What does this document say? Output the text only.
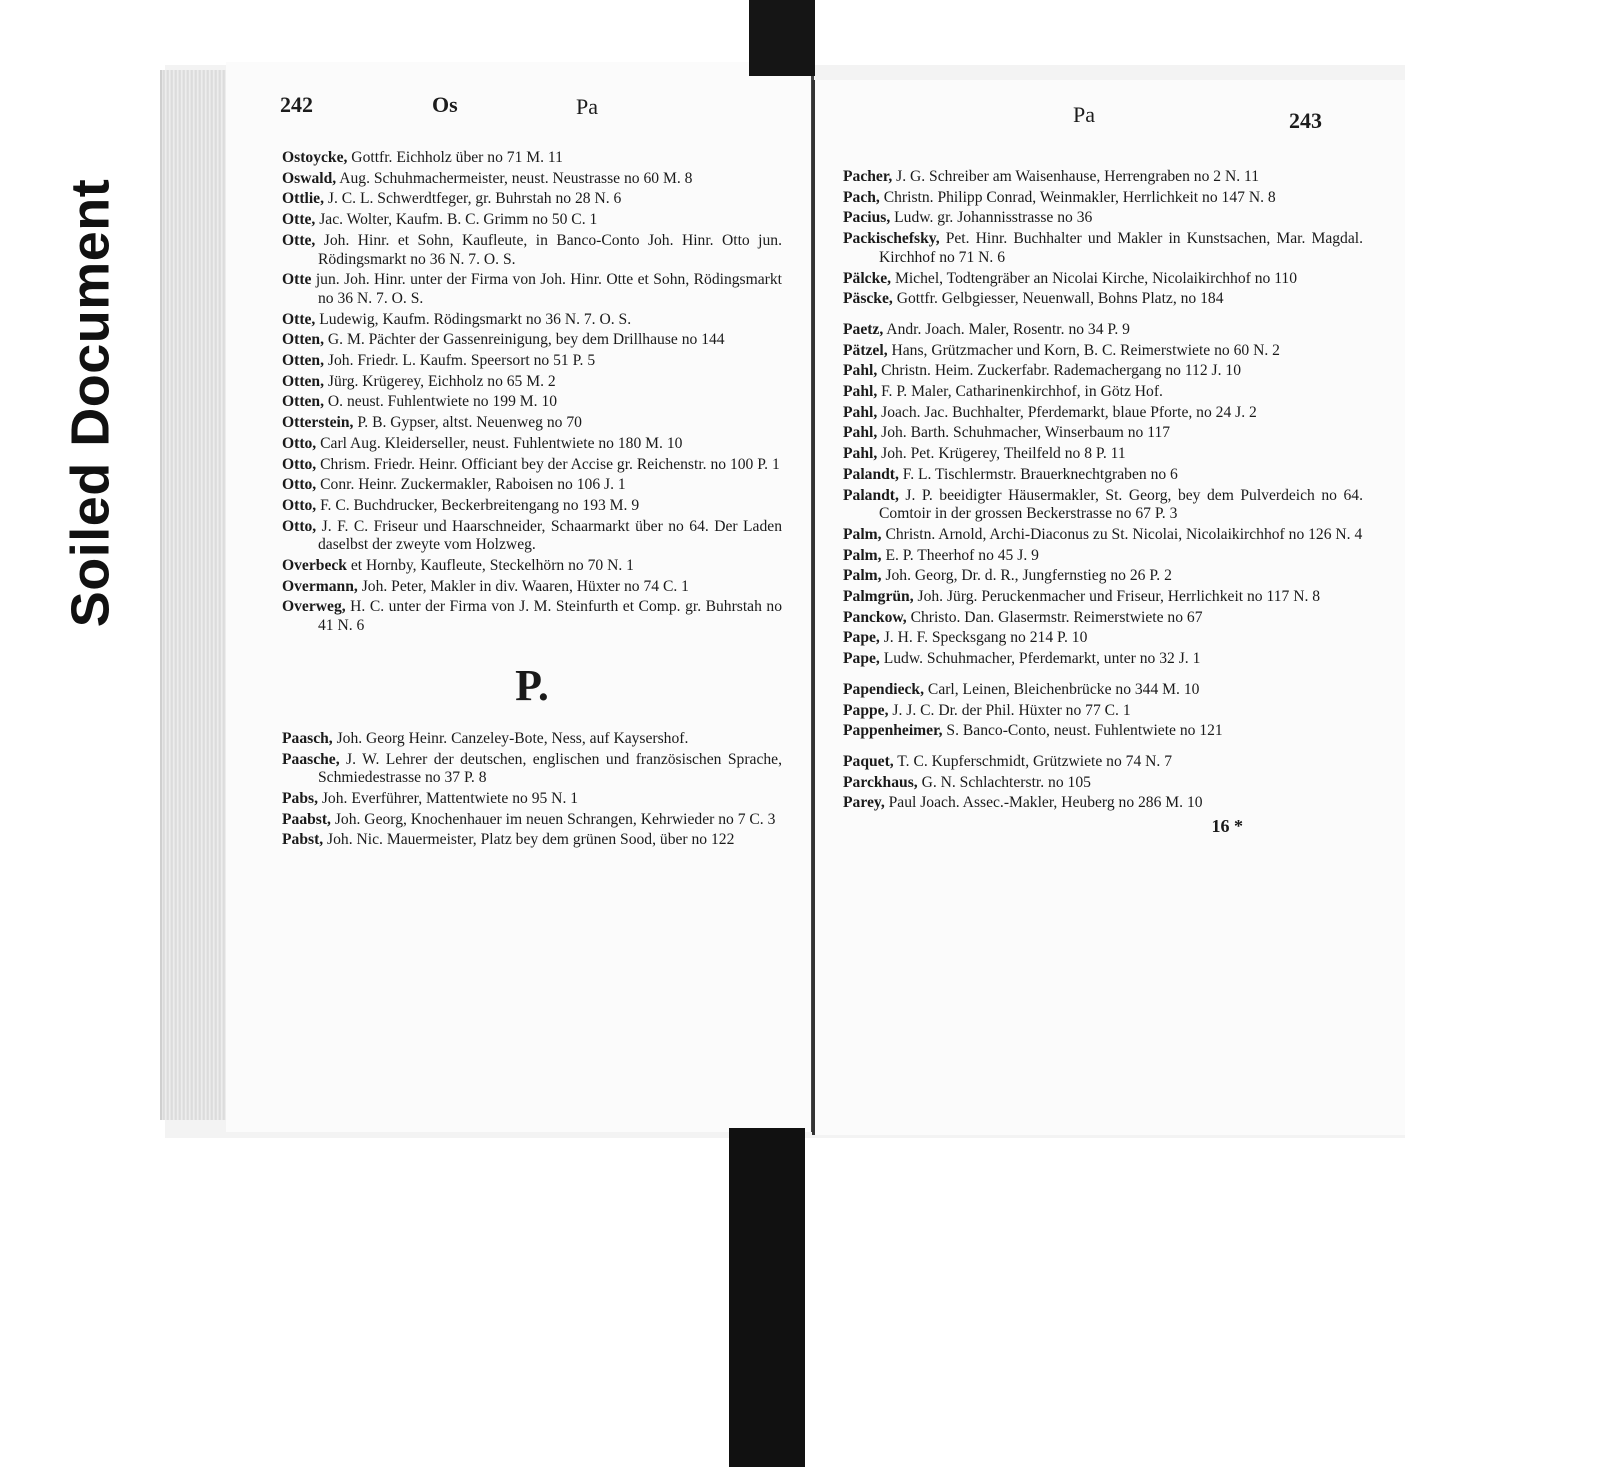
Soiled Document
242	Os	Pa
Ostoycke, Gottfr. Eichholz über no 71 M. 11
Oswald, Aug. Schuhmachermeister, neust. Neustrasse no 60 M. 8
Ottlie, J. C. L. Schwerdtfeger, gr. Buhrstah no 28 N. 6
Otte, Jac. Wolter, Kaufm. B. C. Grimm no 50 C. 1
Otte, Joh. Hinr. et Sohn, Kaufleute, in Banco-Conto Joh. Hinr. Otto jun. Rödingsmarkt no 36 N. 7. O. S.
Otte jun. Joh. Hinr. unter der Firma von Joh. Hinr. Otte et Sohn, Rödingsmarkt no 36 N. 7. O. S.
Otte, Ludewig, Kaufm. Rödingsmarkt no 36 N. 7. O. S.
Otten, G. M. Pächter der Gassenreinigung, bey dem Drillhause no 144
Otten, Joh. Friedr. L. Kaufm. Speersort no 51 P. 5
Otten, Jürg. Krügerey, Eichholz no 65 M. 2
Otten, O. neust. Fuhlentwiete no 199 M. 10
Otterstein, P. B. Gypser, altst. Neuenweg no 70
Otto, Carl Aug. Kleiderseller, neust. Fuhlentwiete no 180 M. 10
Otto, Chrism. Friedr. Heinr. Officiant bey der Accise gr. Reichenstr. no 100 P. 1
Otto, Conr. Heinr. Zuckermakler, Raboisen no 106 J. 1
Otto, F. C. Buchdrucker, Beckerbreitengang no 193 M. 9
Otto, J. F. C. Friseur und Haarschneider, Schaarmarkt über no 64. Der Laden daselbst der zweyte vom Holzweg.
Overbeck et Hornby, Kaufleute, Steckelhörn no 70 N. 1
Overmann, Joh. Peter, Makler in div. Waaren, Hüxter no 74 C. 1
Overweg, H. C. unter der Firma von J. M. Steinfurth et Comp. gr. Buhrstah no 41 N. 6
P.
Paasch, Joh. Georg Heinr. Canzeley-Bote, Ness, auf Kaysershof.
Paasche, J. W. Lehrer der deutschen, englischen und französischen Sprache, Schmiedestrasse no 37 P. 8
Pabs, Joh. Everführer, Mattentwiete no 95 N. 1
Paabst, Joh. Georg, Knochenhauer im neuen Schrangen, Kehrwieder no 7 C. 3
Pabst, Joh. Nic. Mauermeister, Platz bey dem grünen Sood, über no 122
Pa	243
Pacher, J. G. Schreiber am Waisenhause, Herrengraben no 2 N. 11
Pach, Christn. Philipp Conrad, Weinmakler, Herrlichkeit no 147 N. 8
Pacius, Ludw. gr. Johannisstrasse no 36
Packischefsky, Pet. Hinr. Buchhalter und Makler in Kunstsachen, Mar. Magdal. Kirchhof no 71 N. 6
Pälcke, Michel, Todtengräber an Nicolai Kirche, Nicolaikirchhof no 110
Päscke, Gottfr. Gelbgiesser, Neuenwall, Bohns Platz, no 184
Paetz, Andr. Joach. Maler, Rosentr. no 34 P. 9
Pätzel, Hans, Grützmacher und Korn, B. C. Reimerstwiete no 60 N. 2
Pahl, Christn. Heim. Zuckerfabr. Rademachergang no 112 J. 10
Pahl, F. P. Maler, Catharinenkirchhof, in Götz Hof.
Pahl, Joach. Jac. Buchhalter, Pferdemarkt, blaue Pforte, no 24 J. 2
Pahl, Joh. Barth. Schuhmacher, Winserbaum no 117
Pahl, Joh. Pet. Krügerey, Theilfeld no 8 P. 11
Palandt, F. L. Tischlermstr. Brauerknechtgraben no 6
Palandt, J. P. beeidigter Häusermakler, St. Georg, bey dem Pulverdeich no 64. Comtoir in der grossen Beckerstrasse no 67 P. 3
Palm, Christn. Arnold, Archi-Diaconus zu St. Nicolai, Nicolaikirchhof no 126 N. 4
Palm, E. P. Theerhof no 45 J. 9
Palm, Joh. Georg, Dr. d. R., Jungfernstieg no 26 P. 2
Palmgrün, Joh. Jürg. Peruckenmacher und Friseur, Herrlichkeit no 117 N. 8
Panckow, Christo. Dan. Glasermstr. Reimerstwiete no 67
Pape, J. H. F. Specksgang no 214 P. 10
Pape, Ludw. Schuhmacher, Pferdemarkt, unter no 32 J. 1
Papendieck, Carl, Leinen, Bleichenbrücke no 344 M. 10
Pappe, J. J. C. Dr. der Phil. Hüxter no 77 C. 1
Pappenheimer, S. Banco-Conto, neust. Fuhlentwiete no 121
Paquet, T. C. Kupferschmidt, Grützwiete no 74 N. 7
Parckhaus, G. N. Schlachterstr. no 105
Parey, Paul Joach. Assec.-Makler, Heuberg no 286 M. 10
16 *
